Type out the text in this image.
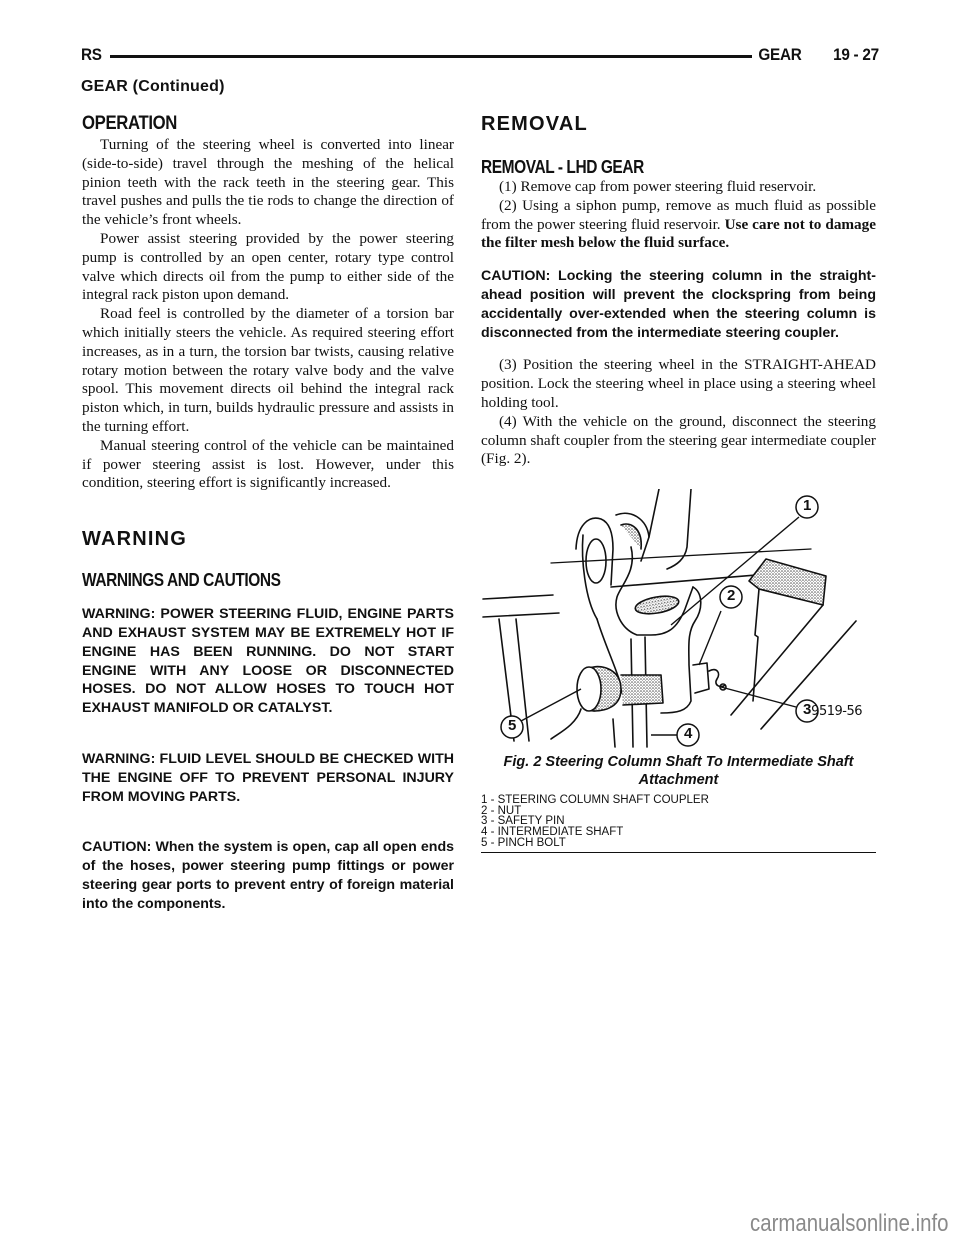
RS	GEAR 19 - 27
GEAR (Continued)
OPERATION

Turning of the steering wheel is converted into linear (side-to-side) travel through the meshing of the helical pinion teeth with the rack teeth in the steering gear. This travel pushes and pulls the tie rods to change the direction of the vehicle’s front wheels.

Power assist steering provided by the power steering pump is controlled by an open center, rotary type control valve which directs oil from the pump to either side of the integral rack piston upon demand.

Road feel is controlled by the diameter of a torsion bar which initially steers the vehicle. As required steering effort increases, as in a turn, the torsion bar twists, causing relative rotary motion between the rotary valve body and the valve spool. This movement directs oil behind the integral rack piston which, in turn, builds hydraulic pressure and assists in the turning effort.

Manual steering control of the vehicle can be maintained if power steering assist is lost. However, under this condition, steering effort is significantly increased.

WARNING
WARNINGS AND CAUTIONS

WARNING: POWER STEERING FLUID, ENGINE PARTS AND EXHAUST SYSTEM MAY BE EXTREMELY HOT IF ENGINE HAS BEEN RUNNING. DO NOT START ENGINE WITH ANY LOOSE OR DISCONNECTED HOSES. DO NOT ALLOW HOSES TO TOUCH HOT EXHAUST MANIFOLD OR CATALYST.

WARNING: FLUID LEVEL SHOULD BE CHECKED WITH THE ENGINE OFF TO PREVENT PERSONAL INJURY FROM MOVING PARTS.

CAUTION: When the system is open, cap all open ends of the hoses, power steering pump fittings or power steering gear ports to prevent entry of foreign material into the components.

REMOVAL
REMOVAL - LHD GEAR

(1) Remove cap from power steering fluid reservoir.

(2) Using a siphon pump, remove as much fluid as possible from the power steering fluid reservoir. Use care not to damage the filter mesh below the fluid surface.

CAUTION: Locking the steering column in the straight-ahead position will prevent the clockspring from being accidentally over-extended when the steering column is disconnected from the intermediate steering coupler.

(3) Position the steering wheel in the STRAIGHT-AHEAD position. Lock the steering wheel in place using a steering wheel holding tool.

(4) With the vehicle on the ground, disconnect the steering column shaft coupler from the steering gear intermediate coupler (Fig. 2).

1
2
3
4
5
9519-56
Fig. 2 Steering Column Shaft To Intermediate Shaft Attachment
1 - STEERING COLUMN SHAFT COUPLER
2 - NUT
3 - SAFETY PIN
4 - INTERMEDIATE SHAFT
5 - PINCH BOLT
carmanualsonline.info
